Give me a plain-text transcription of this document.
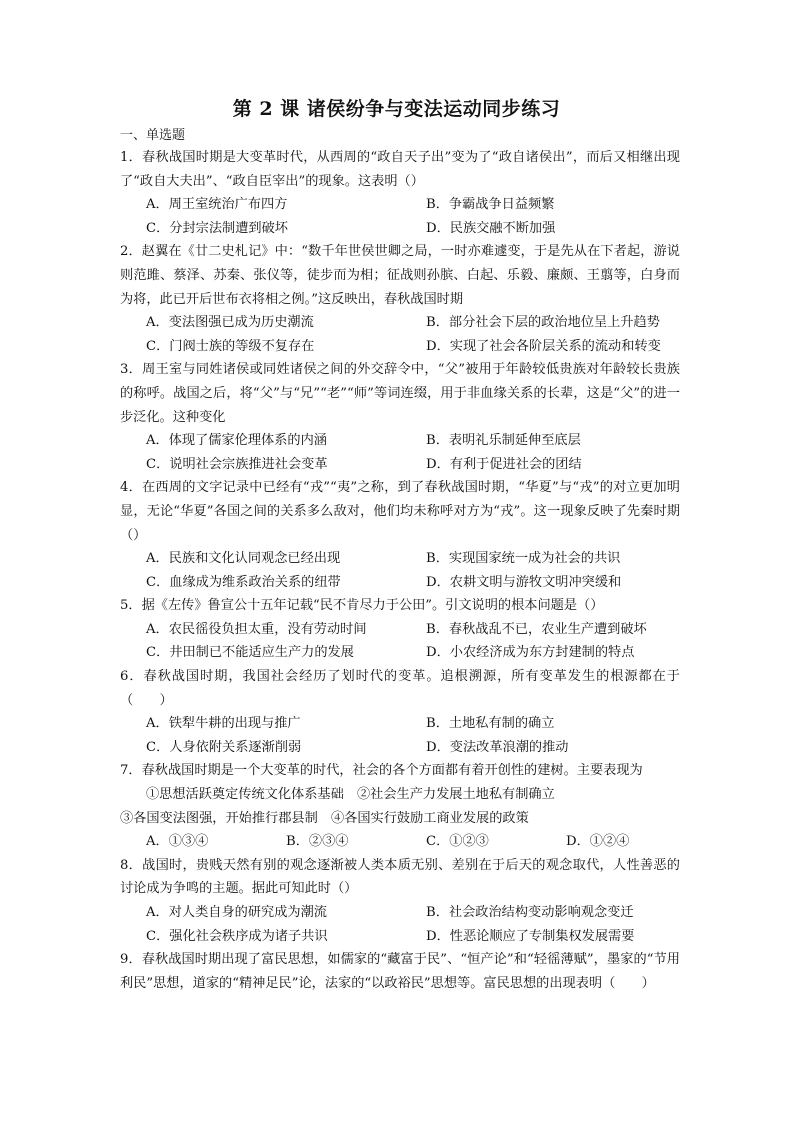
第 2 课 诸侯纷争与变法运动同步练习
一、单选题

1．春秋战国时期是大变革时代，从西周的“政自天子出”变为了“政自诸侯出”，而后又相继出现了“政自大夫出”、“政自臣宰出”的现象。这表明（）

A．周王室统治广布四方	B．争霸战争日益频繁
C．分封宗法制遭到破坏	D．民族交融不断加强

2．赵翼在《廿二史札记》中：“数千年世侯世卿之局，一时亦难遽变，于是先从在下者起，游说则范雎、蔡泽、苏秦、张仪等，徒步而为相；征战则孙膑、白起、乐毅、廉颇、王翦等，白身而为将，此已开后世布衣将相之例。”这反映出，春秋战国时期

A．变法图强已成为历史潮流	B．部分社会下层的政治地位呈上升趋势
C．门阀士族的等级不复存在	D．实现了社会各阶层关系的流动和转变

3．周王室与同姓诸侯或同姓诸侯之间的外交辞令中，“父”被用于年龄较低贵族对年龄较长贵族的称呼。战国之后，将“父”与“兄”“老”“师”等词连缀，用于非血缘关系的长辈，这是“父”的进一步泛化。这种变化

A．体现了儒家伦理体系的内涵	B．表明礼乐制延伸至底层
C．说明社会宗族推进社会变革	D．有利于促进社会的团结

4．在西周的文字记录中已经有“戎”“夷”之称，到了春秋战国时期，“华夏”与“戎”的对立更加明显，无论“华夏”各国之间的关系多么敌对，他们均未称呼对方为“戎”。这一现象反映了先秦时期（）

A．民族和文化认同观念已经出现	B．实现国家统一成为社会的共识
C．血缘成为维系政治关系的纽带	D．农耕文明与游牧文明冲突缓和

5．据《左传》鲁宣公十五年记载“民不肯尽力于公田”。引文说明的根本问题是（）

A．农民徭役负担太重，没有劳动时间	B．春秋战乱不已，农业生产遭到破坏
C．井田制已不能适应生产力的发展	D．小农经济成为东方封建制的特点

6．春秋战国时期，我国社会经历了划时代的变革。追根溯源，所有变革发生的根源都在于（　　）

A．铁犁牛耕的出现与推广	B．土地私有制的确立
C．人身依附关系逐渐削弱	D．变法改革浪潮的推动

7．春秋战国时期是一个大变革的时代，社会的各个方面都有着开创性的建树。主要表现为

①思想活跃奠定传统文化体系基础　②社会生产力发展土地私有制确立

③各国变法图强，开始推行郡县制　④各国实行鼓励工商业发展的政策

A．①③④	B．②③④	C．①②③	D．①②④

8．战国时，贵贱天然有别的观念逐渐被人类本质无别、差别在于后天的观念取代，人性善恶的讨论成为争鸣的主题。据此可知此时（）

A．对人类自身的研究成为潮流	B．社会政治结构变动影响观念变迁
C．强化社会秩序成为诸子共识	D．性恶论顺应了专制集权发展需要

9．春秋战国时期出现了富民思想，如儒家的“藏富于民”、“恒产论”和“轻徭薄赋”，墨家的“节用利民”思想，道家的“精神足民”论，法家的“以政裕民”思想等。富民思想的出现表明（　　）
